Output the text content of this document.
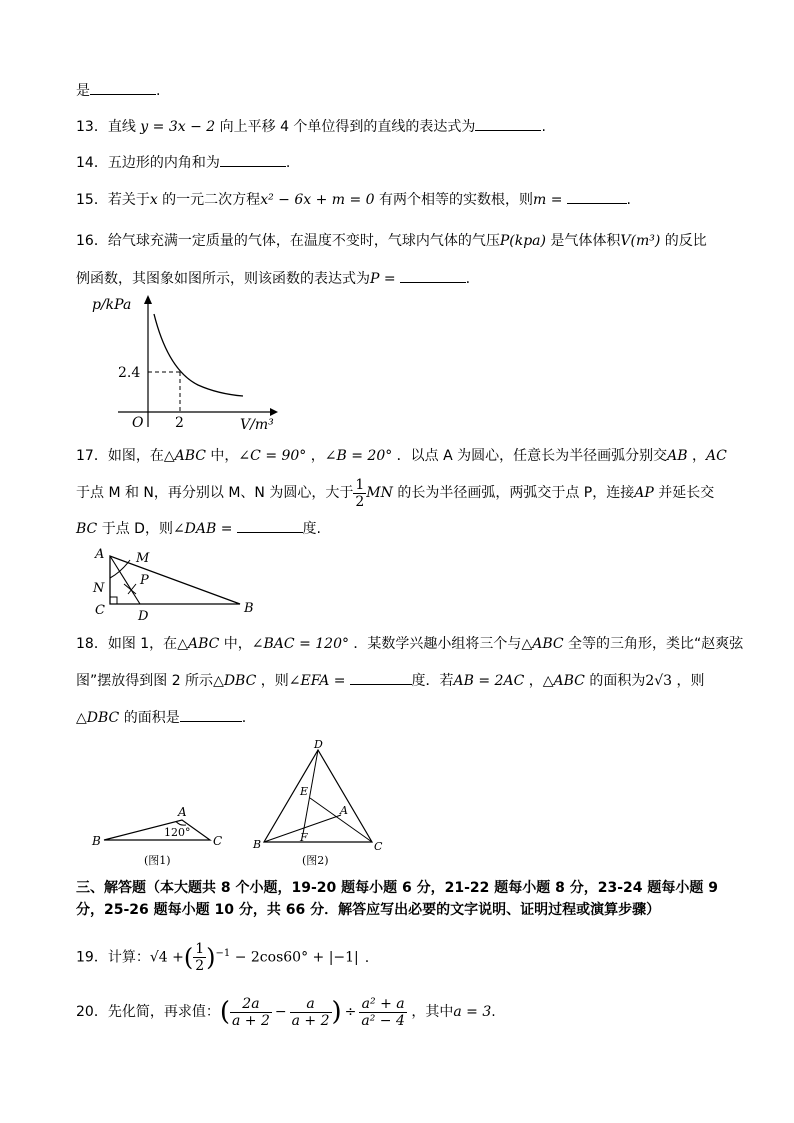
是	.
13．直线 y = 3x − 2 向上平移 4 个单位得到的直线的表达式为	.
14．五边形的内角和为	.
15．若关于x 的一元二次方程x² − 6x + m = 0 有两个相等的实数根，则m =	.
16．给气球充满一定质量的气体，在温度不变时，气球内气体的气压P(kpa) 是气体体积V(m³) 的反比
例函数，其图象如图所示，则该函数的表达式为P =	.
p/kPa
V/m³
O
2.4
2
17．如图，在△ABC 中，∠C = 90° ，∠B = 20° ．以点 A 为圆心，任意长为半径画弧分别交AB ，AC
于点 M 和 N，再分别以 M、N 为圆心，大于 $\frac{1}{2}$ MN 的长为半径画弧，两弧交于点 P，连接AP 并延长交
BC 于点 D，则∠DAB =	度.
A M
N
P
C	D
B
18．如图 1，在△ABC 中，∠BAC = 120° ．某数学兴趣小组将三个与△ABC 全等的三角形，类比“赵爽弦
图”摆放得到图 2 所示△DBC ，则∠EFA =	度．若AB = 2AC ，△ABC 的面积为2√3 ，则
△DBC 的面积是	.
B
A
C
120°
(图1)
D
E
A
F
B	C
(图2)
三、解答题（本大题共 8 个小题，19-20 题每小题 6 分，21-22 题每小题 8 分，23-24 题每小题 9
分，25-26 题每小题 10 分，共 66 分．解答应写出必要的文字说明、证明过程或演算步骤）
19．计算：√4 +( $\frac{1}{2} )^{-1} - 2\cos 60^\circ + |-1|$ .
20．先化简，再求值：( $\frac{2a}{a + 2} - \frac{a}{a + 2}$ ) ÷ $\frac{\text{a² + a}}{\text{a² − 4}}$ ，其中a = 3.
